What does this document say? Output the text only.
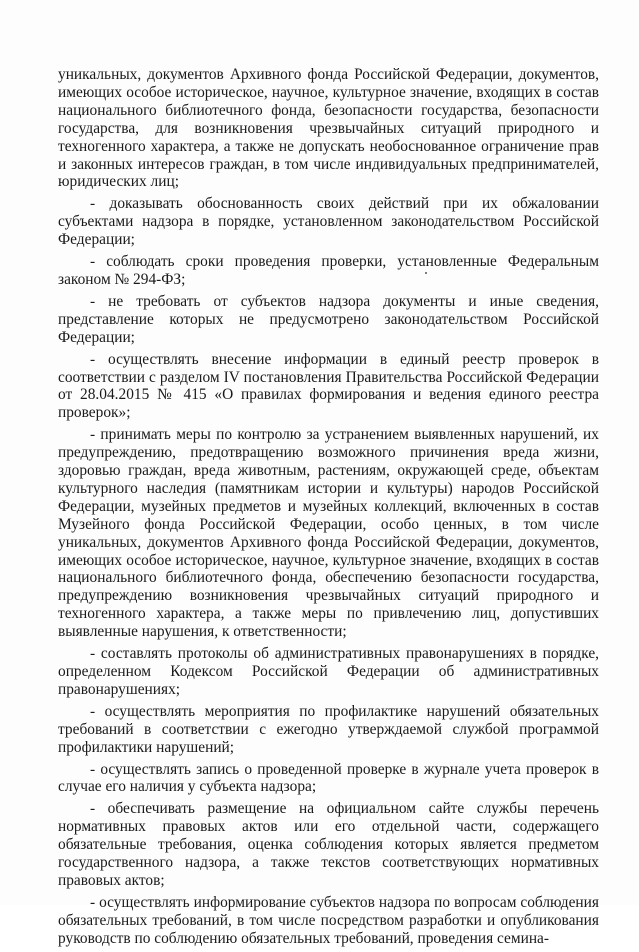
уникальных, документов Архивного фонда Российской Федерации, документов, имеющих особое историческое, научное, культурное значение, входящих в состав национального библиотечного фонда, безопасности государства, безопасности государства, для возникновения чрезвычайных ситуаций природного и техногенного характера, а также не допускать необоснованное ограничение прав и законных интересов граждан, в том числе индивидуальных предпринимателей, юридических лиц;

- доказывать обоснованность своих действий при их обжаловании субъектами надзора в порядке, установленном законодательством Российской Федерации;

- соблюдать сроки проведения проверки, установленные Федеральным законом № 294-ФЗ;

- не требовать от субъектов надзора документы и иные сведения, представление которых не предусмотрено законодательством Российской Федерации;

- осуществлять внесение информации в единый реестр проверок в соответствии с разделом IV постановления Правительства Российской Федерации от 28.04.2015 № 415 «О правилах формирования и ведения единого реестра проверок»;

- принимать меры по контролю за устранением выявленных нарушений, их предупреждению, предотвращению возможного причинения вреда жизни, здоровью граждан, вреда животным, растениям, окружающей среде, объектам культурного наследия (памятникам истории и культуры) народов Российской Федерации, музейных предметов и музейных коллекций, включенных в состав Музейного фонда Российской Федерации, особо ценных, в том числе уникальных, документов Архивного фонда Российской Федерации, документов, имеющих особое историческое, научное, культурное значение, входящих в состав национального библиотечного фонда, обеспечению безопасности государства, предупреждению возникновения чрезвычайных ситуаций природного и техногенного характера, а также меры по привлечению лиц, допустивших выявленные нарушения, к ответственности;

- составлять протоколы об административных правонарушениях в порядке, определенном Кодексом Российской Федерации об административных правонарушениях;

- осуществлять мероприятия по профилактике нарушений обязательных требований в соответствии с ежегодно утверждаемой службой программой профилактики нарушений;

- осуществлять запись о проведенной проверке в журнале учета проверок в случае его наличия у субъекта надзора;

- обеспечивать размещение на официальном сайте службы перечень нормативных правовых актов или его отдельной части, содержащего обязательные требования, оценка соблюдения которых является предметом государственного надзора, а также текстов соответствующих нормативных правовых актов;

- осуществлять информирование субъектов надзора по вопросам соблюдения обязательных требований, в том числе посредством разработки и опубликования руководств по соблюдению обязательных требований, проведения семина-
